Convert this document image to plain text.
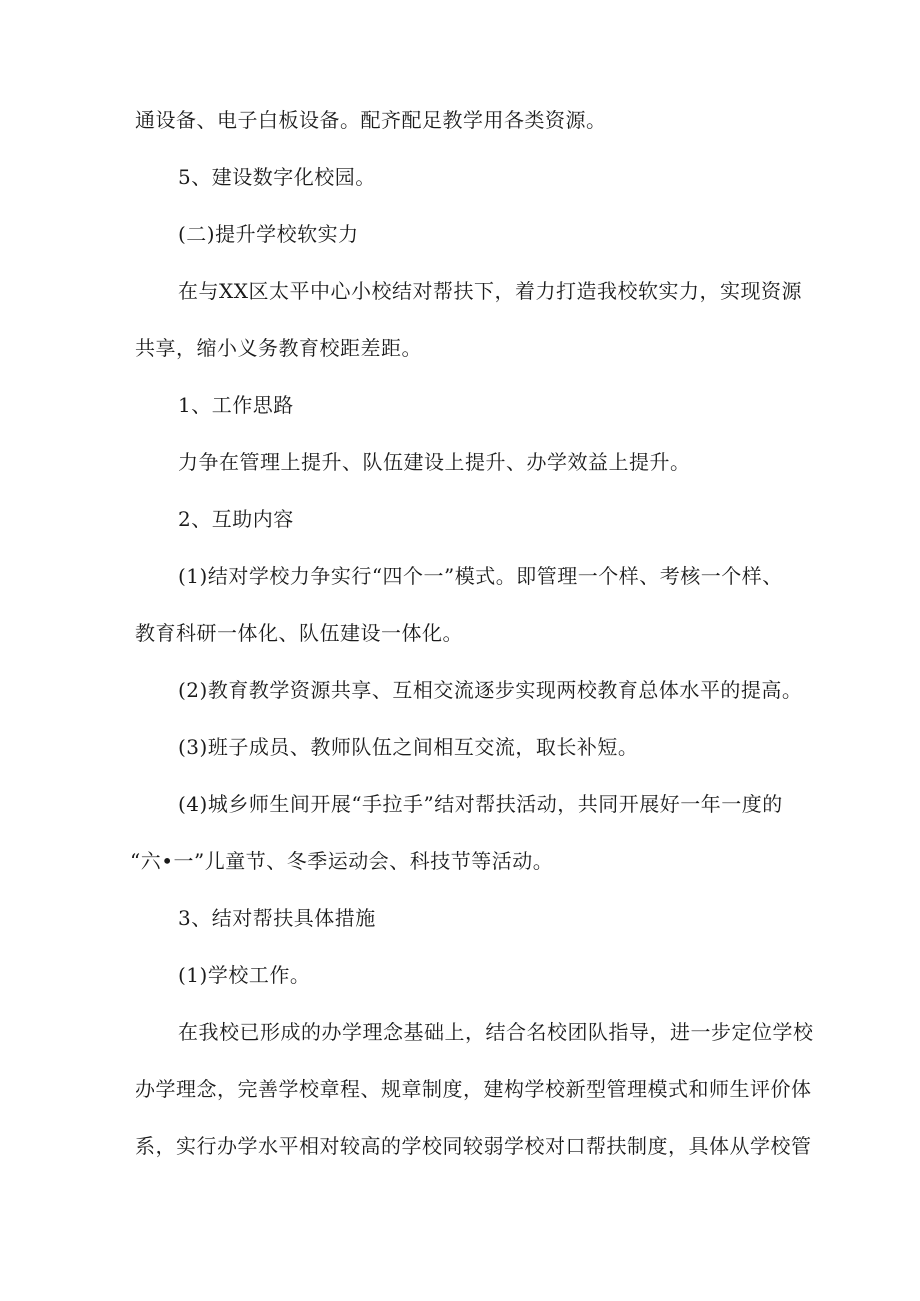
通设备、电子白板设备。配齐配足教学用各类资源。
5、建设数字化校园。
(二)提升学校软实力
在与XX区太平中心小校结对帮扶下，着力打造我校软实力，实现资源
共享，缩小义务教育校距差距。
1、工作思路
力争在管理上提升、队伍建设上提升、办学效益上提升。
2、互助内容
(1)结对学校力争实行“四个一”模式。即管理一个样、考核一个样、
教育科研一体化、队伍建设一体化。
(2)教育教学资源共享、互相交流逐步实现两校教育总体水平的提高。
(3)班子成员、教师队伍之间相互交流，取长补短。
(4)城乡师生间开展“手拉手”结对帮扶活动，共同开展好一年一度的
“六•一”儿童节、冬季运动会、科技节等活动。
3、结对帮扶具体措施
(1)学校工作。
在我校已形成的办学理念基础上，结合名校团队指导，进一步定位学校
办学理念，完善学校章程、规章制度，建构学校新型管理模式和师生评价体
系，实行办学水平相对较高的学校同较弱学校对口帮扶制度，具体从学校管
